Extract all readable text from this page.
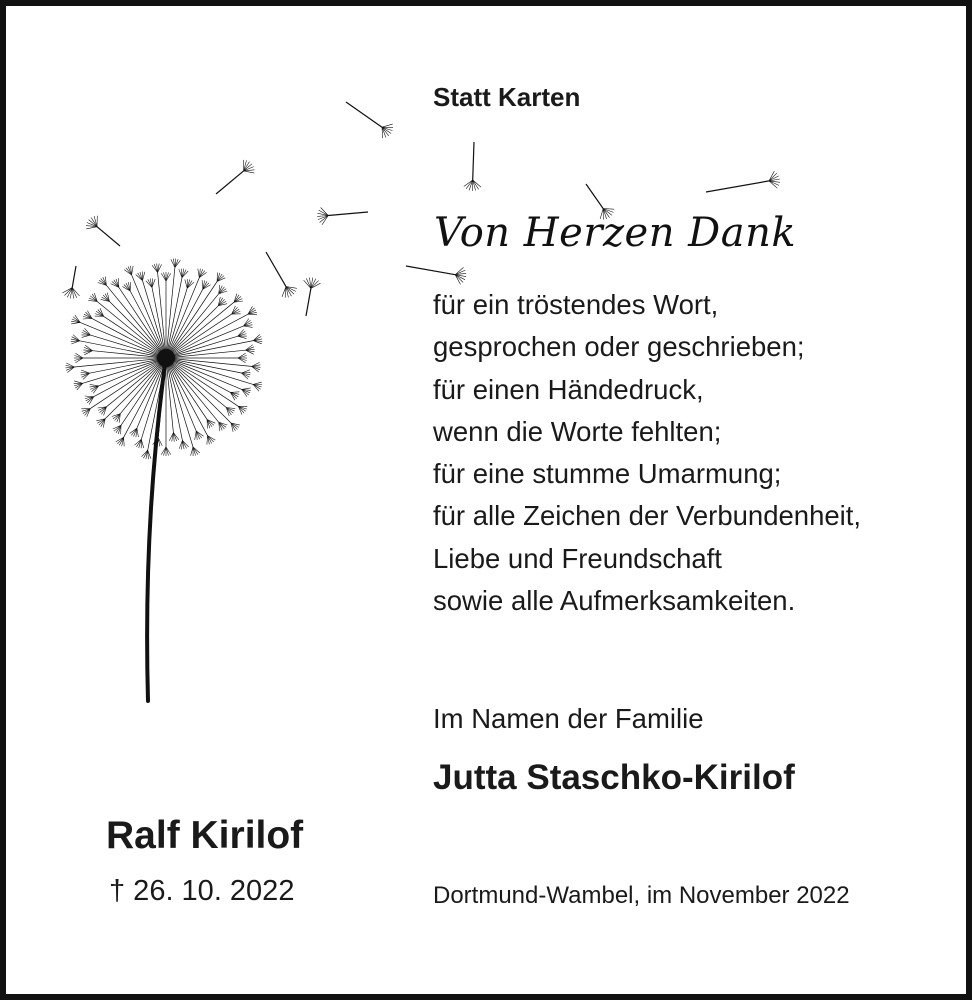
Statt Karten
Von Herzen Dank
für ein tröstendes Wort,
gesprochen oder geschrieben;
für einen Händedruck,
wenn die Worte fehlten;
für eine stumme Umarmung;
für alle Zeichen der Verbundenheit,
Liebe und Freundschaft
sowie alle Aufmerksamkeiten.
Im Namen der Familie
Jutta Staschko-Kirilof
Ralf Kirilof
† 26. 10. 2022	Dortmund-Wambel, im November 2022
